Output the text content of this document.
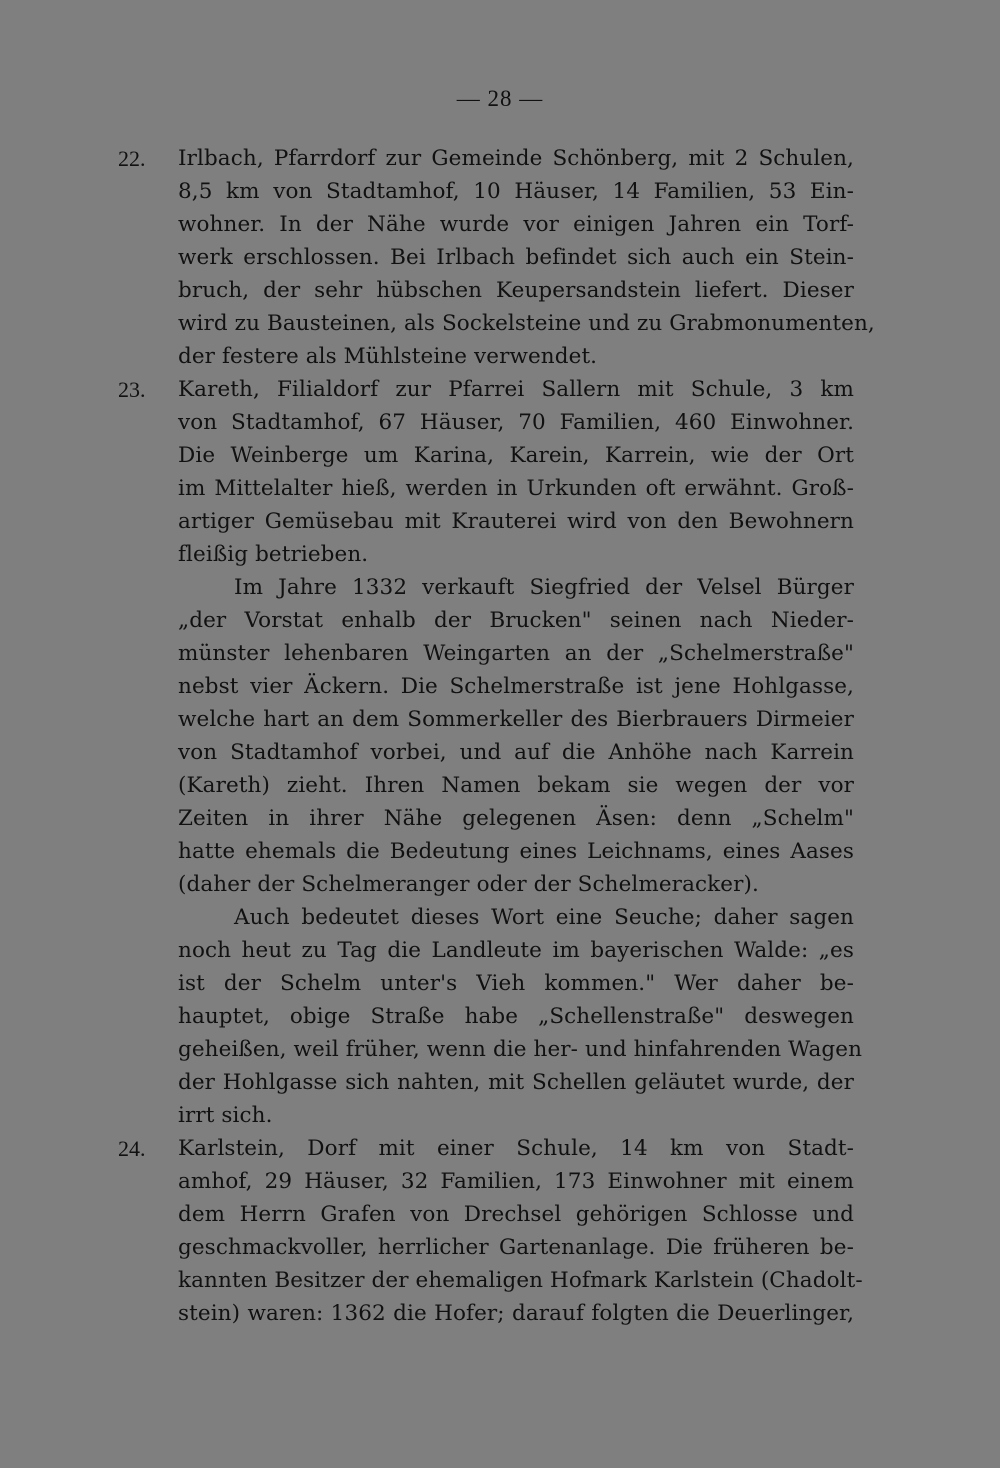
— 28 —
22.	Irlbach, Pfarrdorf zur Gemeinde Schönberg, mit 2 Schulen,
8,5 km von Stadtamhof, 10 Häuser, 14 Familien, 53 Ein-
wohner. In der Nähe wurde vor einigen Jahren ein Torf-
werk erschlossen. Bei Irlbach befindet sich auch ein Stein-
bruch, der sehr hübschen Keupersandstein liefert. Dieser
wird zu Bausteinen, als Sockelsteine und zu Grabmonumenten,
der festere als Mühlsteine verwendet.
23.	Kareth, Filialdorf zur Pfarrei Sallern mit Schule, 3 km
von Stadtamhof, 67 Häuser, 70 Familien, 460 Einwohner.
Die Weinberge um Karina, Karein, Karrein, wie der Ort
im Mittelalter hieß, werden in Urkunden oft erwähnt. Groß-
artiger Gemüsebau mit Krauterei wird von den Bewohnern
fleißig betrieben.
Im Jahre 1332 verkauft Siegfried der Velsel Bürger
„der Vorstat enhalb der Brucken" seinen nach Nieder-
münster lehenbaren Weingarten an der „Schelmerstraße"
nebst vier Äckern. Die Schelmerstraße ist jene Hohlgasse,
welche hart an dem Sommerkeller des Bierbrauers Dirmeier
von Stadtamhof vorbei, und auf die Anhöhe nach Karrein
(Kareth) zieht. Ihren Namen bekam sie wegen der vor
Zeiten in ihrer Nähe gelegenen Äsen: denn „Schelm"
hatte ehemals die Bedeutung eines Leichnams, eines Aases
(daher der Schelmeranger oder der Schelmeracker).
Auch bedeutet dieses Wort eine Seuche; daher sagen
noch heut zu Tag die Landleute im bayerischen Walde: „es
ist der Schelm unter's Vieh kommen." Wer daher be-
hauptet, obige Straße habe „Schellenstraße" deswegen
geheißen, weil früher, wenn die her- und hinfahrenden Wagen
der Hohlgasse sich nahten, mit Schellen geläutet wurde, der
irrt sich.
24.	Karlstein, Dorf mit einer Schule, 14 km von Stadt-
amhof, 29 Häuser, 32 Familien, 173 Einwohner mit einem
dem Herrn Grafen von Drechsel gehörigen Schlosse und
geschmackvoller, herrlicher Gartenanlage. Die früheren be-
kannten Besitzer der ehemaligen Hofmark Karlstein (Chadolt-
stein) waren: 1362 die Hofer; darauf folgten die Deuerlinger,
